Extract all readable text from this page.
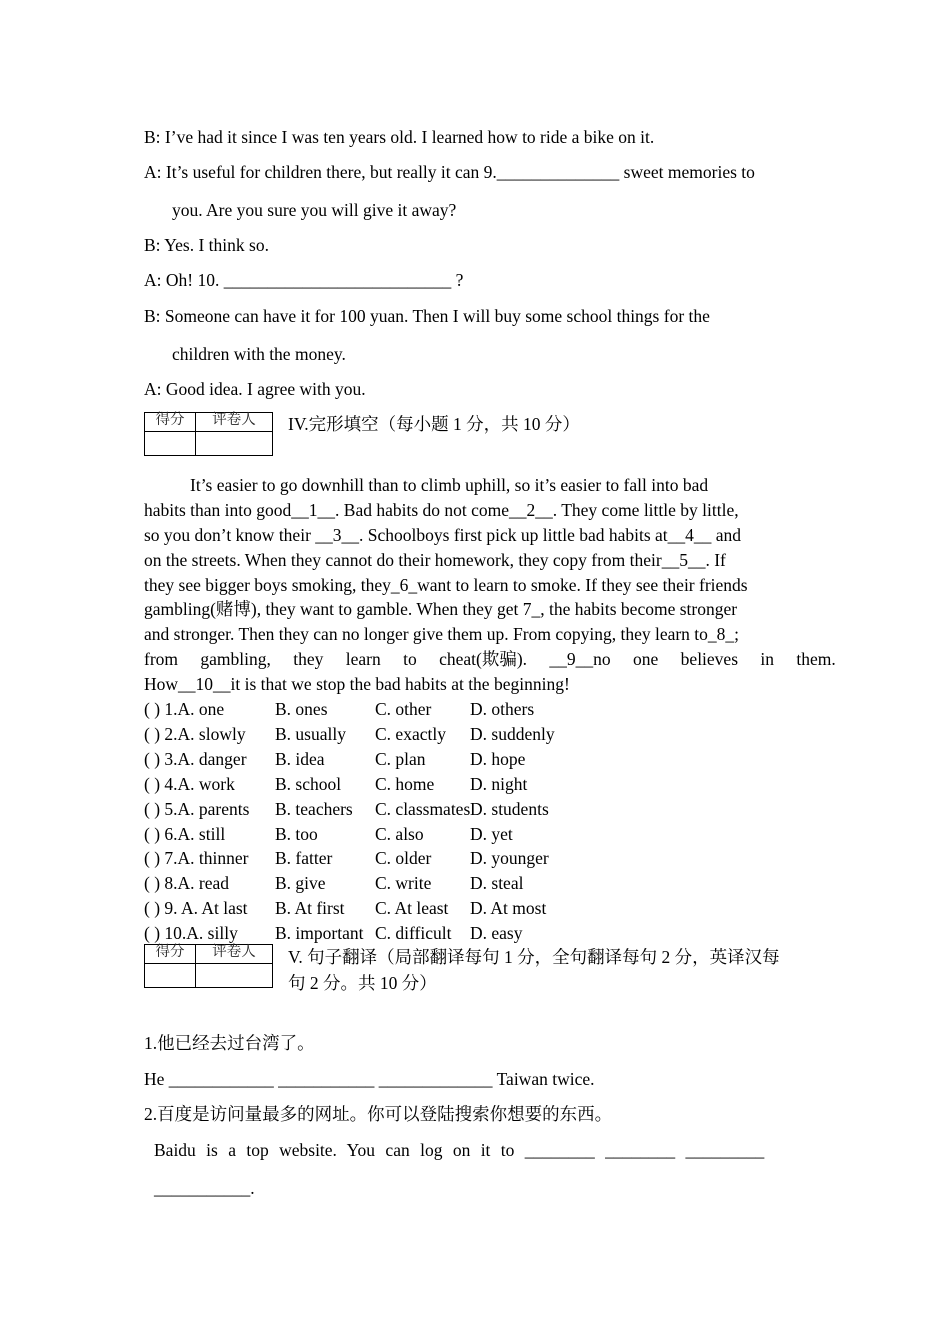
B: I’ve had it since I was ten years old. I learned how to ride a bike on it.
A: It’s useful for children there, but really it can 9.______________ sweet memories to
you. Are you sure you will give it away?
B: Yes. I think so.
A: Oh! 10. __________________________ ?
B: Someone can have it for 100 yuan. Then I will buy some school things for the
children with the money.
A: Good idea. I agree with you.
得分	评卷人
	IV.完形填空（每小题 1 分，共 10 分）
It’s easier to go downhill than to climb uphill, so it’s easier to fall into bad
habits than into good__1__. Bad habits do not come__2__. They come little by little,
so you don’t know their __3__. Schoolboys first pick up little bad habits at__4__ and
on the streets. When they cannot do their homework, they copy from their__5__. If
they see bigger boys smoking, they_6_want to learn to smoke. If they see their friends
gambling(赌博), they want to gamble. When they get 7_, the habits become stronger
and stronger. Then they can no longer give them up. From copying, they learn to_8_;
from gambling, they learn to cheat(欺骗). __9__no one believes in them.
How__10__it is that we stop the bad habits at the beginning!
( ) 1.A. one	B. ones	C. other D. others
( ) 2.A. slowly B. usually C. exactly D. suddenly
( ) 3.A. danger B. idea	C. plan	D. hope
( ) 4.A. work B. school C. home D. night
( ) 5.A. parents B. teachers C. classmates D. students
( ) 6.A. still	B. too	C. also	D. yet
( ) 7.A. thinner B. fatter C. older D. younger
( ) 8.A. read	B. give	C. write D. steal
( ) 9. A. At last B. At first C. At least D. At most
( ) 10.A. silly B. important C. difficult D. easy
得分	评卷人
	V. 句子翻译（局部翻译每句 1 分，全句翻译每句 2 分，英译汉每
句 2 分。共 10 分）
1.他已经去过台湾了。
He ____________ ___________ _____________ Taiwan twice.
2.百度是访问量最多的网址。你可以登陆搜索你想要的东西。
Baidu is a top website. You can log on it to ________ ________ _________
___________.
